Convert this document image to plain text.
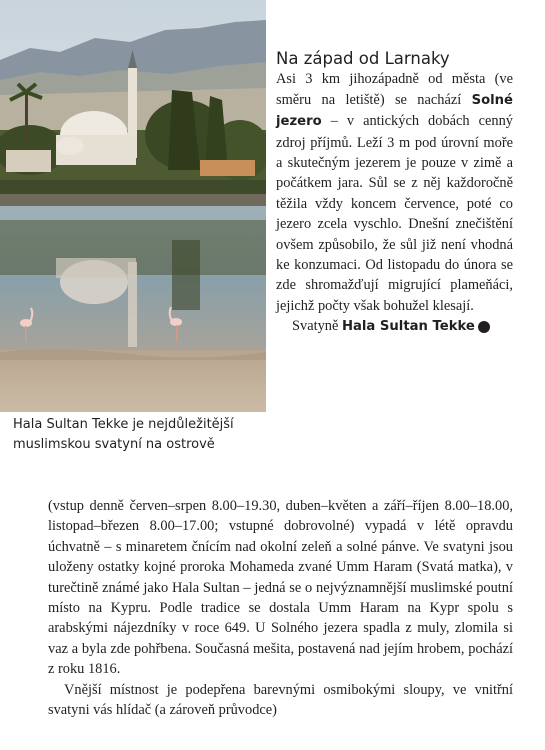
Hala Sultan Tekke je nejdůležitější muslimskou svatyní na ostrově
Na západ od Larnaky

Asi 3 km jihozápadně od města (ve směru na letiště) se nachází Solné jezero – v antických dobách cenný zdroj příjmů. Leží 3 m pod úrovní moře a skutečným jezerem je pouze v zimě a počátkem jara. Sůl se z něj každoročně těžila vždy koncem července, poté co jezero zcela vyschlo. Dnešní znečištění ovšem způsobilo, že sůl již není vhodná ke konzumaci. Od listopadu do února se zde shromažďují migrující plameňáci, jejichž počty však bohužel klesají.

Svatyně Hala Sultan Tekke 6

(vstup denně červen–srpen 8.00–19.30, duben–květen a září–říjen 8.00–18.00, listopad–březen 8.00–17.00; vstupné dobrovolné) vypadá v létě opravdu úchvatně – s minaretem čnícím nad okolní zeleň a solné pánve. Ve svatyni jsou uloženy ostatky kojné proroka Mohameda zvané Umm Haram (Svatá matka), v turečtině známé jako Hala Sultan – jedná se o nejvýznamnější muslimské poutní místo na Kypru. Podle tradice se dostala Umm Haram na Kypr spolu s arabskými nájezdníky v roce 649. U Solného jezera spadla z muly, zlomila si vaz a byla zde pohřbena. Současná mešita, postavená nad jejím hrobem, pochází z roku 1816.

Vnější místnost je podepřena barevnými osmibokými sloupy, ve vnitřní svatyni vás hlídač (a zároveň průvodce)
